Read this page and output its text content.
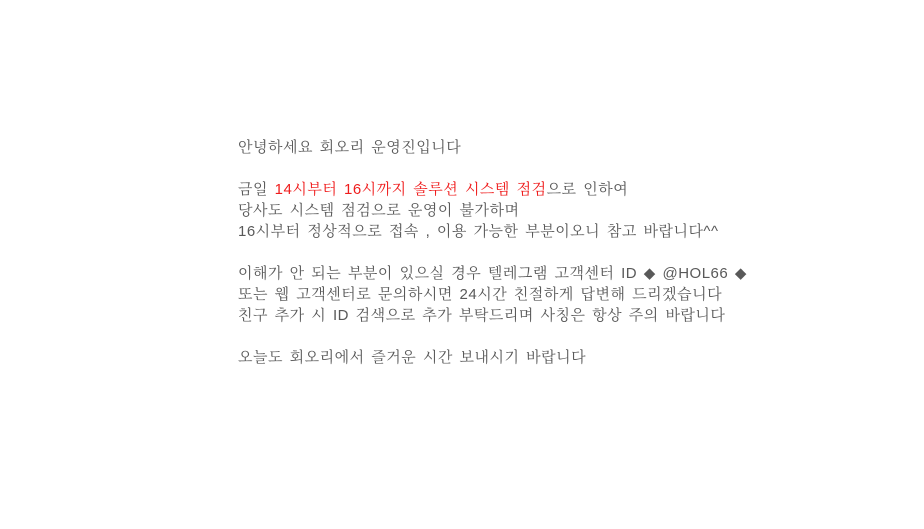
안녕하세요 회오리 운영진입니다
금일 14시부터 16시까지 솔루션 시스템 점검으로 인하여
당사도 시스템 점검으로 운영이 불가하며
16시부터 정상적으로 접속 , 이용 가능한 부분이오니 참고 바랍니다^^
이해가 안 되는 부분이 있으실 경우 텔레그램 고객센터 ID ◆ @HOL66 ◆
또는 웹 고객센터로 문의하시면 24시간 친절하게 답변해 드리겠습니다
친구 추가 시 ID 검색으로 추가 부탁드리며 사칭은 항상 주의 바랍니다
오늘도 회오리에서 즐거운 시간 보내시기 바랍니다
